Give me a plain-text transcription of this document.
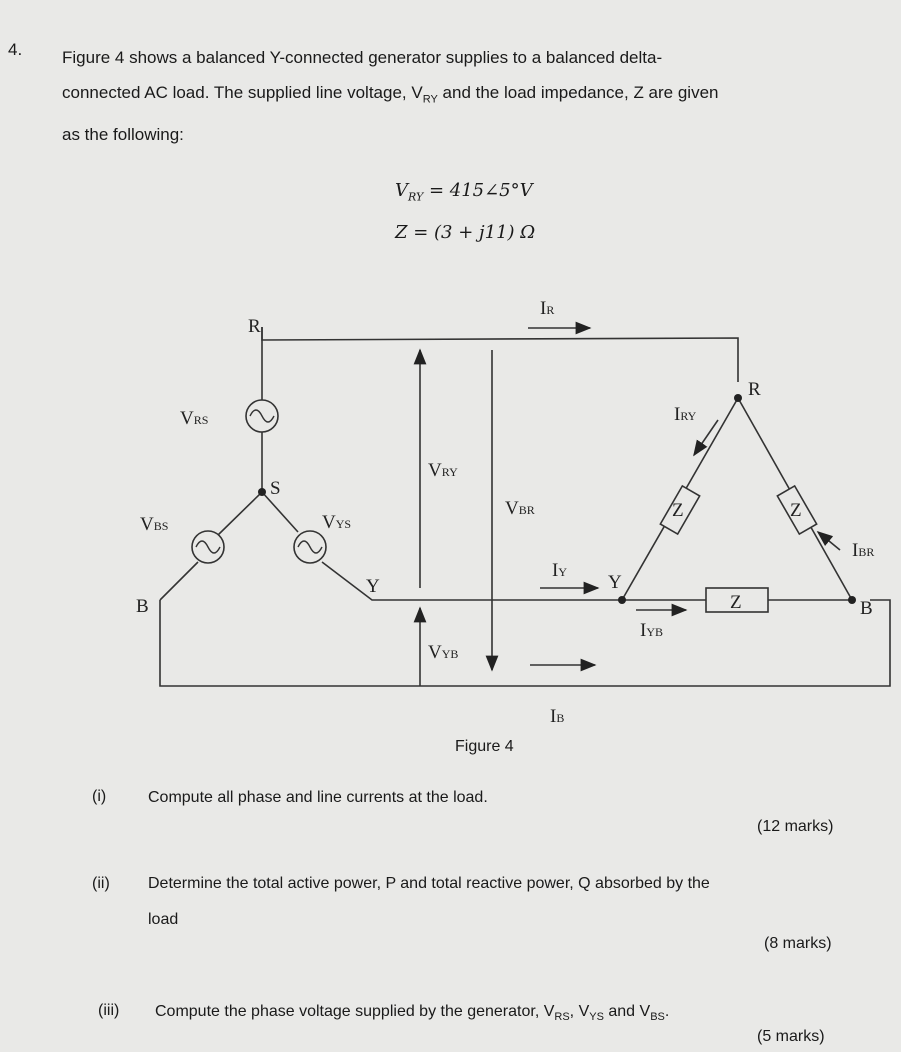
4. Figure 4 shows a balanced Y-connected generator supplies to a balanced delta-
connected AC load. The supplied line voltage, $V_{RY}$ and the load impedance, Z are given
as the following:
$V_{RY}$ = 415∠5°V
Z = (3 + j11) Ω
Z	Z
Z
R
S
Y
B
R
Y
B
VRS
VBS	VYS
VRY
VBR
VYB
IR
IY
IB
IRY
IYB
IBR
Figure 4
(i)	Compute all phase and line currents at the load.
(12 marks)
(ii) Determine the total active power, P and total reactive power, Q absorbed by the
load
(8 marks)
(iii) Compute the phase voltage supplied by the generator, $V_{RS}$, $V_{YS}$ and $V_{BS}$.
(5 marks)
